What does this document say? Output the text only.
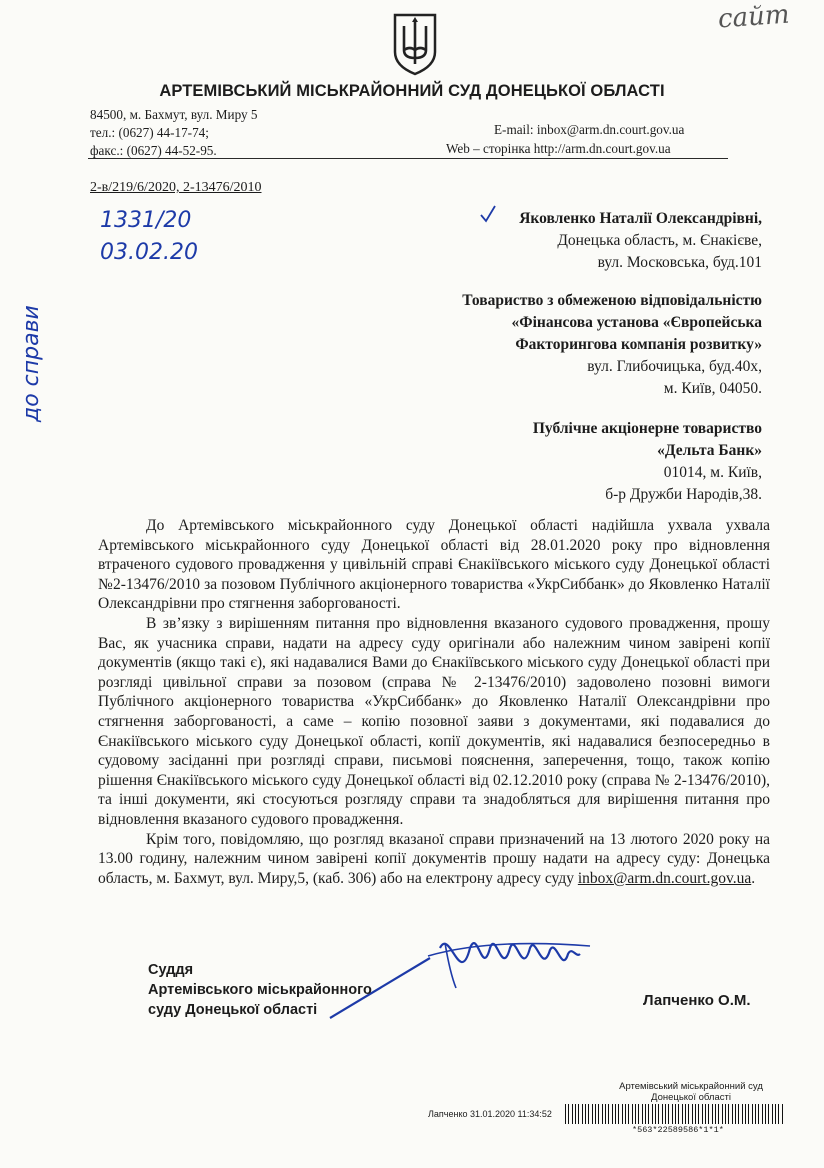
сайт
АРТЕМІВСЬКИЙ МІСЬКРАЙОННИЙ СУД ДОНЕЦЬКОЇ ОБЛАСТІ
84500, м. Бахмут, вул. Миру 5
тел.: (0627) 44-17-74;
факс.: (0627) 44-52-95.
E-mail: inbox@arm.dn.court.gov.ua
Web – сторінка http://arm.dn.court.gov.ua
2-в/219/6/2020, 2-13476/2010
1331/20
03.02.20
до справи
Яковленко Наталії Олександрівні,
Донецька область, м. Єнакієве,
вул. Московська, буд.101
Товариство з обмеженою відповідальністю
«Фінансова установа «Європейська
Факторингова компанія розвитку»
вул. Глибочицька, буд.40х,
м. Київ, 04050.
Публічне акціонерне товариство
«Дельта Банк»
01014, м. Київ,
б-р Дружби Народів,38.

До Артемівського міськрайонного суду Донецької області надійшла ухвала ухвала Артемівського міськрайонного суду Донецької області від 28.01.2020 року про відновлення втраченого судового провадження у цивільній справі Єнакіївського міського суду Донецької області №2-13476/2010 за позовом Публічного акціонерного товариства «УкрСиббанк» до Яковленко Наталії Олександрівни про стягнення заборгованості.

В зв’язку з вирішенням питання про відновлення вказаного судового провадження, прошу Вас, як учасника справи, надати на адресу суду оригінали або належним чином завірені копії документів (якщо такі є), які надавалися Вами до Єнакіївського міського суду Донецької області при розгляді цивільної справи за позовом (справа № 2-13476/2010) задоволено позовні вимоги Публічного акціонерного товариства «УкрСиббанк» до Яковленко Наталії Олександрівни про стягнення заборгованості, а саме – копію позовної заяви з документами, які подавалися до Єнакіївського міського суду Донецької області, копії документів, які надавалися безпосередньо в судовому засіданні при розгляді справи, письмові пояснення, заперечення, тощо, також копію рішення Єнакіївського міського суду Донецької області від 02.12.2010 року (справа № 2-13476/2010), та інші документи, які стосуються розгляду справи та знадобляться для вирішення питання про відновлення вказаного судового провадження.

Крім того, повідомляю, що розгляд вказаної справи призначений на 13 лютого 2020 року на 13.00 годину, належним чином завірені копії документів прошу надати на адресу суду: Донецька область, м. Бахмут, вул. Миру,5, (каб. 306) або на електрону адресу суду inbox@arm.dn.court.gov.ua.

Суддя
Артемівського міськрайонного
суду Донецької області
Лапченко О.М.
Артемівський міськрайонний суд
Донецької області
Лапченко 31.01.2020 11:34:52
*563*22589586*1*1*
